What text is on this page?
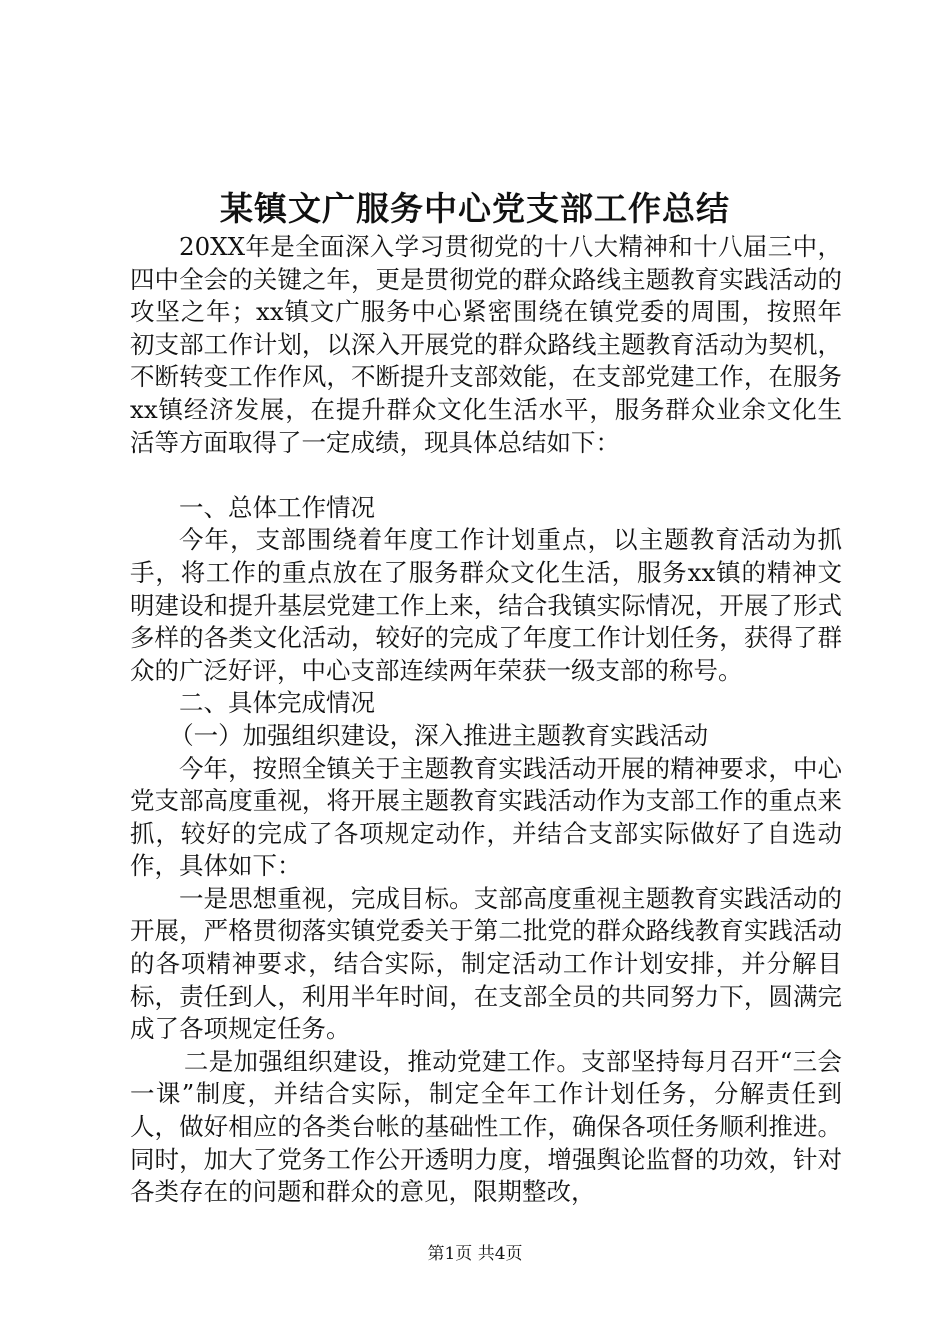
某镇文广服务中心党支部工作总结

20XX年是全面深入学习贯彻党的十八大精神和十八届三中，四中全会的关键之年，更是贯彻党的群众路线主题教育实践活动的攻坚之年；xx镇文广服务中心紧密围绕在镇党委的周围，按照年初支部工作计划，以深入开展党的群众路线主题教育活动为契机，不断转变工作作风，不断提升支部效能，在支部党建工作，在服务xx镇经济发展，在提升群众文化生活水平，服务群众业余文化生活等方面取得了一定成绩，现具体总结如下：

一、总体工作情况

今年，支部围绕着年度工作计划重点，以主题教育活动为抓手，将工作的重点放在了服务群众文化生活，服务xx镇的精神文明建设和提升基层党建工作上来，结合我镇实际情况，开展了形式多样的各类文化活动，较好的完成了年度工作计划任务，获得了群众的广泛好评，中心支部连续两年荣获一级支部的称号。

二、具体完成情况

（一）加强组织建设，深入推进主题教育实践活动

今年，按照全镇关于主题教育实践活动开展的精神要求，中心党支部高度重视，将开展主题教育实践活动作为支部工作的重点来抓，较好的完成了各项规定动作，并结合支部实际做好了自选动作，具体如下：

一是思想重视，完成目标。支部高度重视主题教育实践活动的开展，严格贯彻落实镇党委关于第二批党的群众路线教育实践活动的各项精神要求，结合实际，制定活动工作计划安排，并分解目标，责任到人，利用半年时间，在支部全员的共同努力下，圆满完成了各项规定任务。

二是加强组织建设，推动党建工作。支部坚持每月召开“三会一课”制度，并结合实际，制定全年工作计划任务，分解责任到人，做好相应的各类台帐的基础性工作，确保各项任务顺利推进。同时，加大了党务工作公开透明力度，增强舆论监督的功效，针对各类存在的问题和群众的意见，限期整改，

第1页 共4页
